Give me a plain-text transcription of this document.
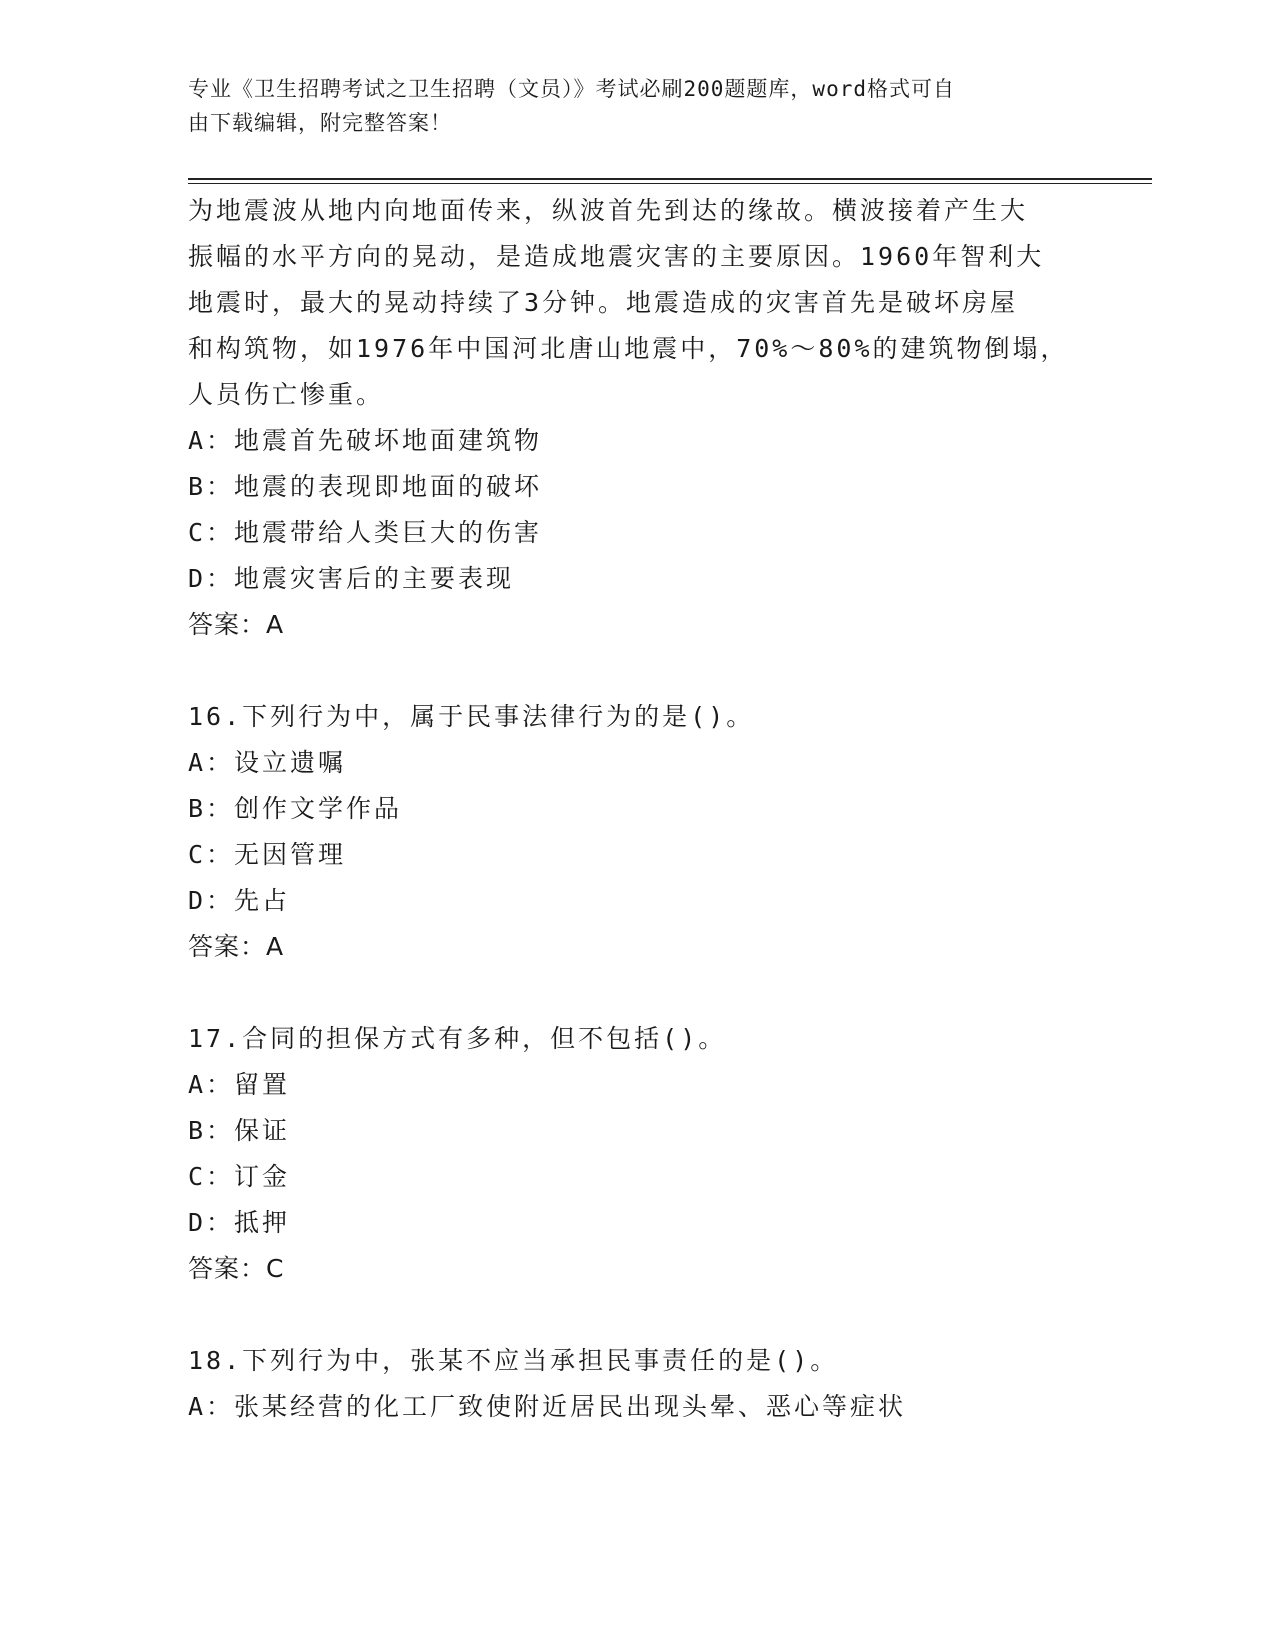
专业《卫生招聘考试之卫生招聘（文员）》考试必刷200题题库，word格式可自
由下载编辑，附完整答案！
为地震波从地内向地面传来，纵波首先到达的缘故。横波接着产生大
振幅的水平方向的晃动，是造成地震灾害的主要原因。1960年智利大
地震时，最大的晃动持续了3分钟。地震造成的灾害首先是破坏房屋
和构筑物，如1976年中国河北唐山地震中，70%～80%的建筑物倒塌，
人员伤亡惨重。
A：地震首先破坏地面建筑物
B：地震的表现即地面的破坏
C：地震带给人类巨大的伤害
D：地震灾害后的主要表现
答案：A
16.下列行为中，属于民事法律行为的是()。
A：设立遗嘱
B：创作文学作品
C：无因管理
D：先占
答案：A
17.合同的担保方式有多种，但不包括()。
A：留置
B：保证
C：订金
D：抵押
答案：C
18.下列行为中，张某不应当承担民事责任的是()。
A：张某经营的化工厂致使附近居民出现头晕、恶心等症状
